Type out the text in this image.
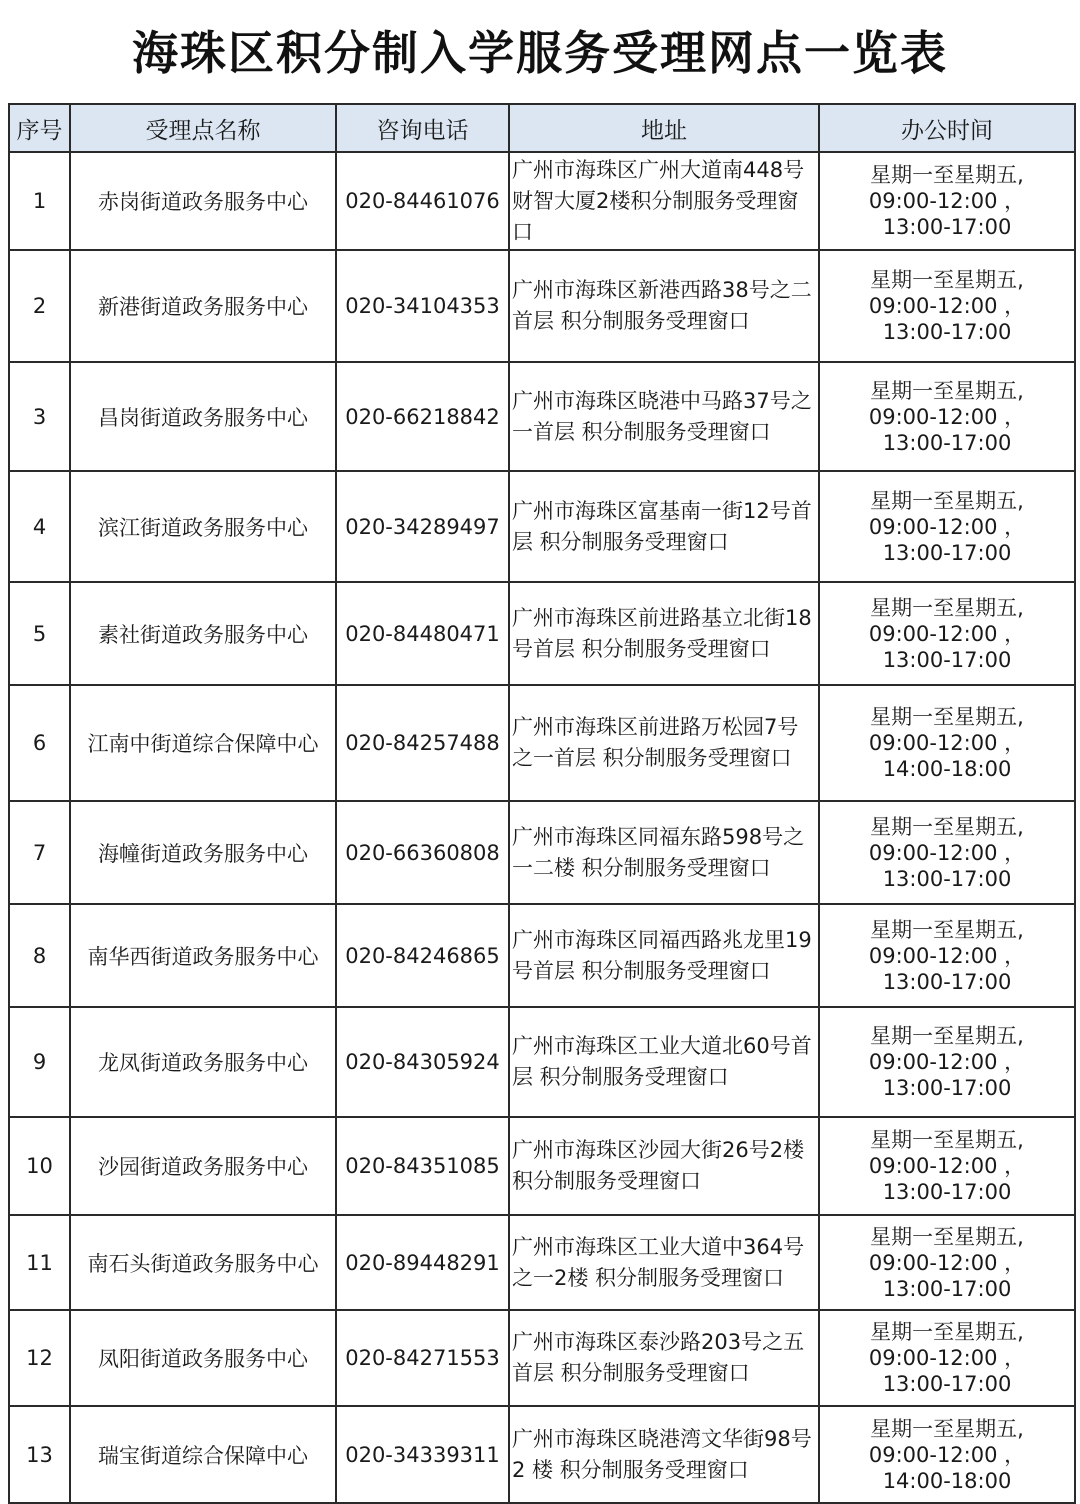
海珠区积分制入学服务受理网点一览表
序号	受理点名称	咨询电话	地址	办公时间
1	赤岗街道政务服务中心	020-84461076	广州市海珠区广州大道南448号财智大厦2楼积分制服务受理窗口	星期一至星期五,
09:00-12:00 ，
13:00-17:00

2	新港街道政务服务中心	020-34104353	广州市海珠区新港西路38号之二首层 积分制服务受理窗口	星期一至星期五,
09:00-12:00 ，
13:00-17:00

3	昌岗街道政务服务中心	020-66218842	广州市海珠区晓港中马路37号之一首层 积分制服务受理窗口	星期一至星期五,
09:00-12:00 ，
13:00-17:00

4	滨江街道政务服务中心	020-34289497	广州市海珠区富基南一街12号首层 积分制服务受理窗口	星期一至星期五,
09:00-12:00 ，
13:00-17:00

5	素社街道政务服务中心	020-84480471	广州市海珠区前进路基立北街18 号首层 积分制服务受理窗口	星期一至星期五,
09:00-12:00 ，
13:00-17:00

6	江南中街道综合保障中心	020-84257488	广州市海珠区前进路万松园7号之一首层 积分制服务受理窗口	星期一至星期五,
09:00-12:00 ，
14:00-18:00

7	海幢街道政务服务中心	020-66360808	广州市海珠区同福东路598号之一二楼 积分制服务受理窗口	星期一至星期五,
09:00-12:00 ，
13:00-17:00

8	南华西街道政务服务中心	020-84246865	广州市海珠区同福西路兆龙里19 号首层 积分制服务受理窗口	星期一至星期五,
09:00-12:00 ，
13:00-17:00

9	龙凤街道政务服务中心	020-84305924	广州市海珠区工业大道北60号首层 积分制服务受理窗口	星期一至星期五,
09:00-12:00 ，
13:00-17:00

10	沙园街道政务服务中心	020-84351085	广州市海珠区沙园大街26号2楼积分制服务受理窗口	星期一至星期五,
09:00-12:00 ，
13:00-17:00

11	南石头街道政务服务中心	020-89448291	广州市海珠区工业大道中364号之一2楼 积分制服务受理窗口	星期一至星期五,
09:00-12:00 ，
13:00-17:00

12	凤阳街道政务服务中心	020-84271553	广州市海珠区泰沙路203号之五首层 积分制服务受理窗口	星期一至星期五,
09:00-12:00 ，
13:00-17:00

13	瑞宝街道综合保障中心	020-34339311	广州市海珠区晓港湾文华街98号2 楼 积分制服务受理窗口	星期一至星期五,
09:00-12:00 ，
14:00-18:00
